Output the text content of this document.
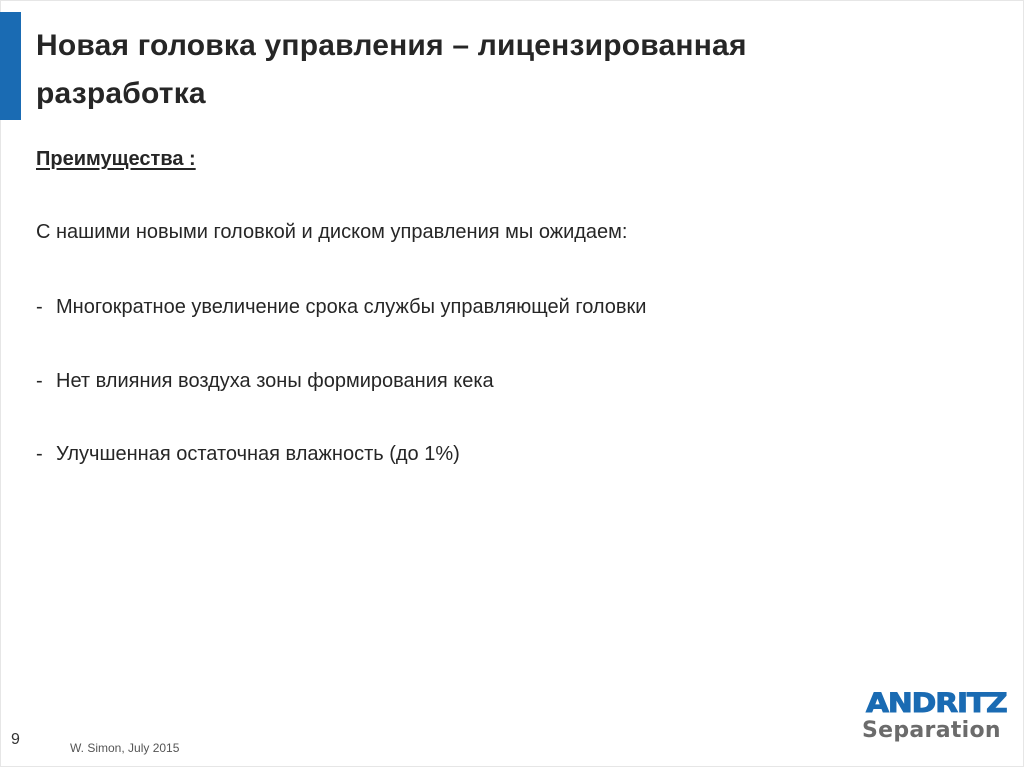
Новая головка управления – лицензированная
разработка
Преимущества :
С нашими новыми головкой и диском управления мы ожидаем:
- Многократное увеличение срока службы управляющей головки
- Нет влияния воздуха зоны формирования кека
- Улучшенная остаточная влажность (до 1%)
9	W. Simon, July 2015
ANDRITZ
Separation
